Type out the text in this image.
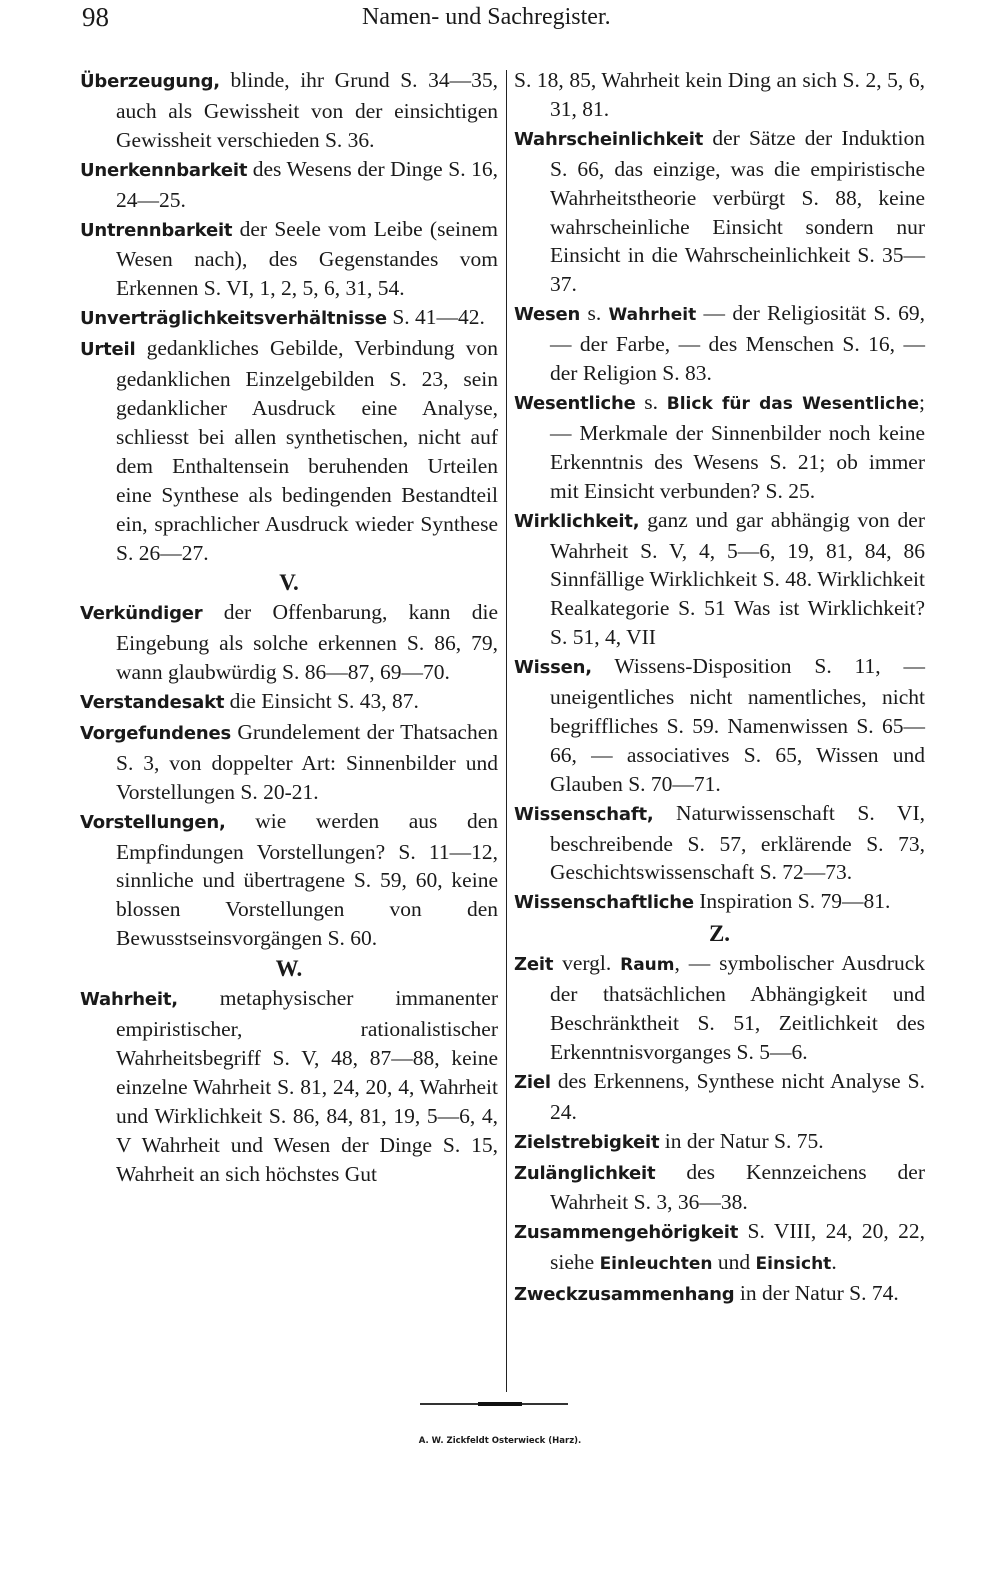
98	Namen- und Sachregister.

Überzeugung, blinde, ihr Grund S. 34—35, auch als Gewissheit von der einsichtigen Gewissheit verschieden S. 36.

Unerkennbarkeit des Wesens der Dinge S. 16, 24—25.

Untrennbarkeit der Seele vom Leibe (seinem Wesen nach), des Gegenstandes vom Erkennen S. VI, 1, 2, 5, 6, 31, 54.

Unverträglichkeitsverhältnisse S. 41—42.

Urteil gedankliches Gebilde, Verbindung von gedanklichen Einzelgebilden S. 23, sein gedanklicher Ausdruck eine Analyse, schliesst bei allen synthetischen, nicht auf dem Enthaltensein beruhenden Urteilen eine Synthese als bedingenden Bestandteil ein, sprachlicher Ausdruck wieder Synthese S. 26—27.

V.

Verkündiger der Offenbarung, kann die Eingebung als solche erkennen S. 86, 79, wann glaubwürdig S. 86—87, 69—70.

Verstandesakt die Einsicht S. 43, 87.

Vorgefundenes Grundelement der Thatsachen S. 3, von doppelter Art: Sinnenbilder und Vorstellungen S. 20-21.

Vorstellungen, wie werden aus den Empfindungen Vorstellungen? S. 11—12, sinnliche und übertragene S. 59, 60, keine blossen Vorstellungen von den Bewusstseinsvorgängen S. 60.

W.

Wahrheit, metaphysischer immanenter empiristischer, rationalistischer Wahrheitsbegriff S. V, 48, 87—88, keine einzelne Wahrheit S. 81, 24, 20, 4, Wahrheit und Wirklichkeit S. 86, 84, 81, 19, 5—6, 4, V Wahrheit und Wesen der Dinge S. 15, Wahrheit an sich höchstes Gut

S. 18, 85, Wahrheit kein Ding an sich S. 2, 5, 6, 31, 81.

Wahrscheinlichkeit der Sätze der Induktion S. 66, das einzige, was die empiristische Wahrheitstheorie verbürgt S. 88, keine wahrscheinliche Einsicht sondern nur Einsicht in die Wahrscheinlichkeit S. 35—37.

Wesen s. Wahrheit — der Religiosität S. 69, — der Farbe, — des Menschen S. 16, — der Religion S. 83.

Wesentliche s. Blick für das Wesentliche; — Merkmale der Sinnenbilder noch keine Erkenntnis des Wesens S. 21; ob immer mit Einsicht verbunden? S. 25.

Wirklichkeit, ganz und gar abhängig von der Wahrheit S. V, 4, 5—6, 19, 81, 84, 86 Sinnfällige Wirklichkeit S. 48. Wirklichkeit Realkategorie S. 51 Was ist Wirklichkeit? S. 51, 4, VII

Wissen, Wissens-Disposition S. 11, — uneigentliches nicht namentliches, nicht begriffliches S. 59. Namenwissen S. 65—66, — associatives S. 65, Wissen und Glauben S. 70—71.

Wissenschaft, Naturwissenschaft S. VI, beschreibende S. 57, erklärende S. 73, Geschichtswissenschaft S. 72—73.

Wissenschaftliche Inspiration S. 79—81.

Z.

Zeit vergl. Raum, — symbolischer Ausdruck der thatsächlichen Abhängigkeit und Beschränktheit S. 51, Zeitlichkeit des Erkenntnisvorganges S. 5—6.

Ziel des Erkennens, Synthese nicht Analyse S. 24.

Zielstrebigkeit in der Natur S. 75.

Zulänglichkeit des Kennzeichens der Wahrheit S. 3, 36—38.

Zusammengehörigkeit S. VIII, 24, 20, 22, siehe Einleuchten und Einsicht.

Zweckzusammenhang in der Natur S. 74.

A. W. Zickfeldt Osterwieck (Harz).
